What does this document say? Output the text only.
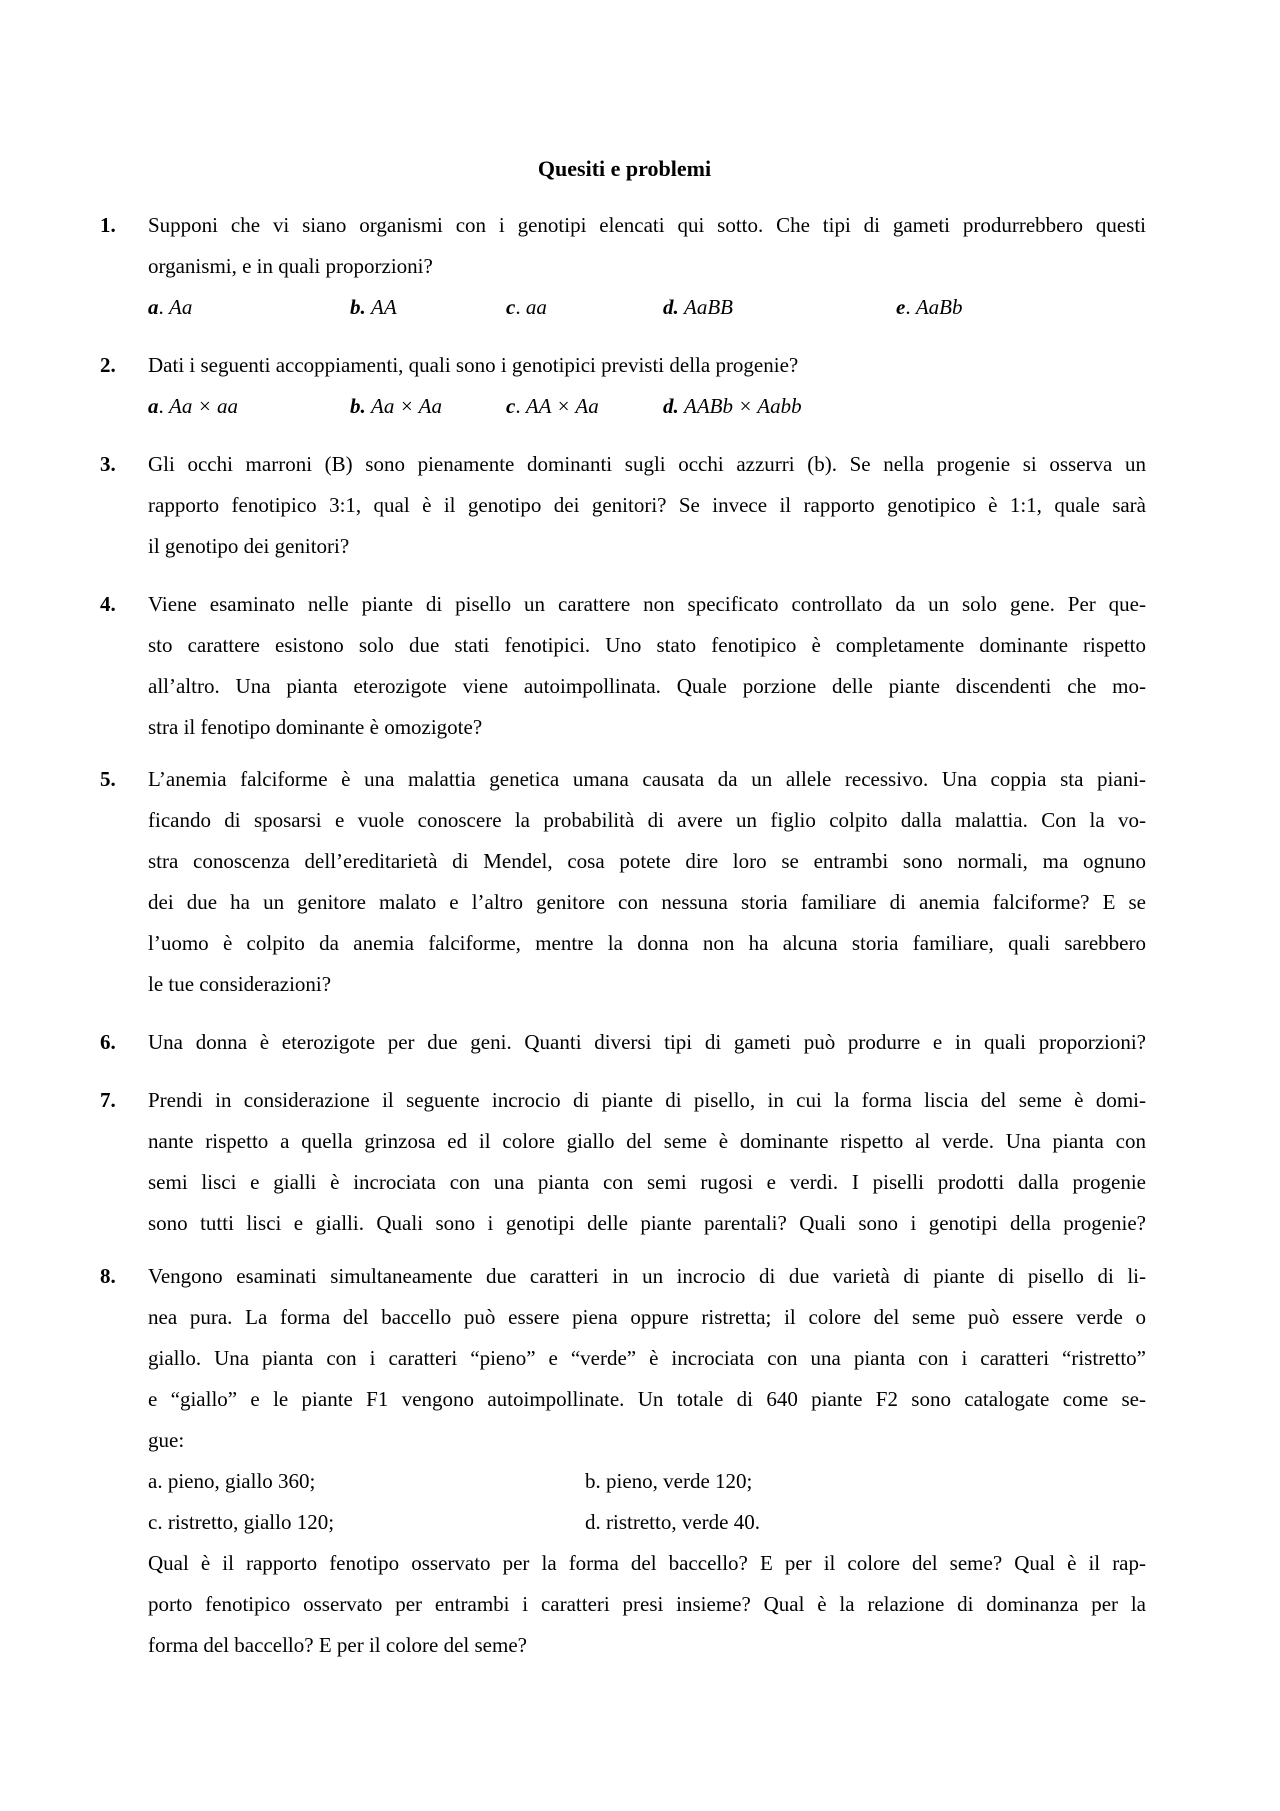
Quesiti e problemi
1. Supponi che vi siano organismi con i genotipi elencati qui sotto. Che tipi di gameti produrrebbero questi
organismi, e in quali proporzioni?
a. Aa	b. AA	c. aa	d. AaBB	e. AaBb
2. Dati i seguenti accoppiamenti, quali sono i genotipici previsti della progenie?
a. Aa × aa	b. Aa × Aa	c. AA × Aa	d. AABb × Aabb
3. Gli occhi marroni (B) sono pienamente dominanti sugli occhi azzurri (b). Se nella progenie si osserva un
rapporto fenotipico 3:1, qual è il genotipo dei genitori? Se invece il rapporto genotipico è 1:1, quale sarà
il genotipo dei genitori?
4. Viene esaminato nelle piante di pisello un carattere non specificato controllato da un solo gene. Per que-
sto carattere esistono solo due stati fenotipici. Uno stato fenotipico è completamente dominante rispetto
all’altro. Una pianta eterozigote viene autoimpollinata. Quale porzione delle piante discendenti che mo-
stra il fenotipo dominante è omozigote?
5. L’anemia falciforme è una malattia genetica umana causata da un allele recessivo. Una coppia sta piani-
ficando di sposarsi e vuole conoscere la probabilità di avere un figlio colpito dalla malattia. Con la vo-
stra conoscenza dell’ereditarietà di Mendel, cosa potete dire loro se entrambi sono normali, ma ognuno
dei due ha un genitore malato e l’altro genitore con nessuna storia familiare di anemia falciforme? E se
l’uomo è colpito da anemia falciforme, mentre la donna non ha alcuna storia familiare, quali sarebbero
le tue considerazioni?
6. Una donna è eterozigote per due geni. Quanti diversi tipi di gameti può produrre e in quali proporzioni?
7. Prendi in considerazione il seguente incrocio di piante di pisello, in cui la forma liscia del seme è domi-
nante rispetto a quella grinzosa ed il colore giallo del seme è dominante rispetto al verde. Una pianta con
semi lisci e gialli è incrociata con una pianta con semi rugosi e verdi. I piselli prodotti dalla progenie
sono tutti lisci e gialli. Quali sono i genotipi delle piante parentali? Quali sono i genotipi della progenie?
8. Vengono esaminati simultaneamente due caratteri in un incrocio di due varietà di piante di pisello di li-
nea pura. La forma del baccello può essere piena oppure ristretta; il colore del seme può essere verde o
giallo. Una pianta con i caratteri “pieno” e “verde” è incrociata con una pianta con i caratteri “ristretto”
e “giallo” e le piante F1 vengono autoimpollinate. Un totale di 640 piante F2 sono catalogate come se-
gue:
a. pieno, giallo 360;	b. pieno, verde 120;
c. ristretto, giallo 120;	d. ristretto, verde 40.
Qual è il rapporto fenotipo osservato per la forma del baccello? E per il colore del seme? Qual è il rap-
porto fenotipico osservato per entrambi i caratteri presi insieme? Qual è la relazione di dominanza per la
forma del baccello? E per il colore del seme?
